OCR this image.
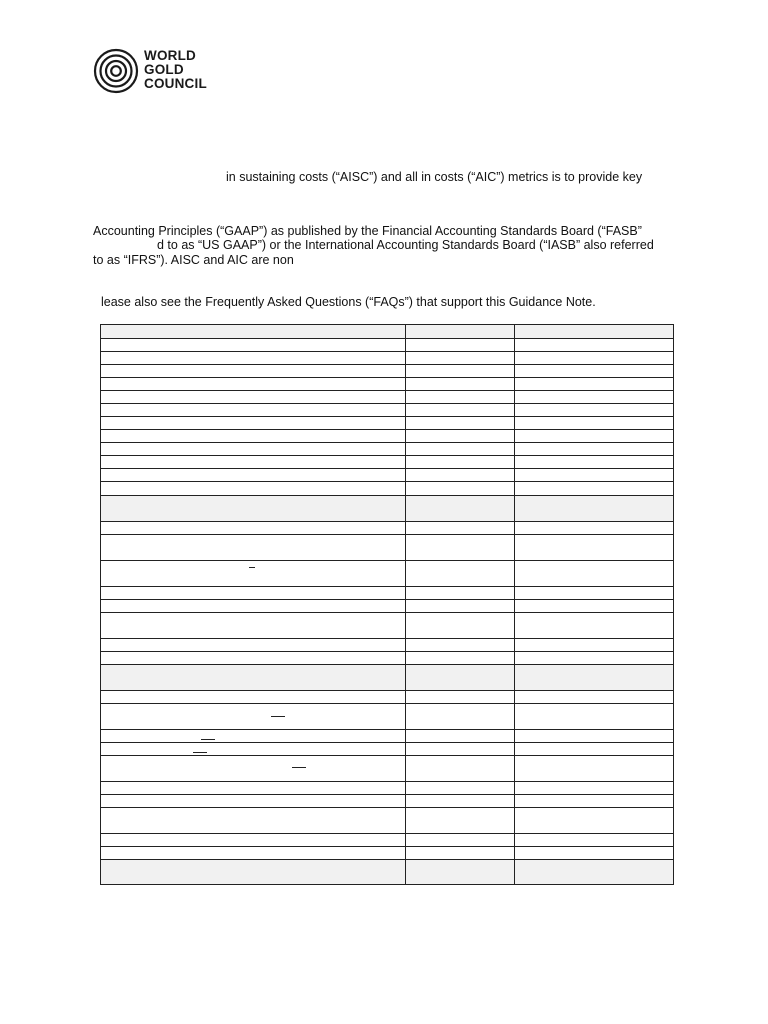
WORLD
GOLD
COUNCIL
in sustaining costs (“AISC”) and all in costs (“AIC”) metrics is to provide key
Accounting Principles (“GAAP”) as published by the Financial Accounting Standards Board (“FASB”
d to as “US GAAP”) or the International Accounting Standards Board (“IASB” also referred
to as “IFRS”). AISC and AIC are non
lease also see the Frequently Asked Questions (“FAQs”) that support this Guidance Note.
